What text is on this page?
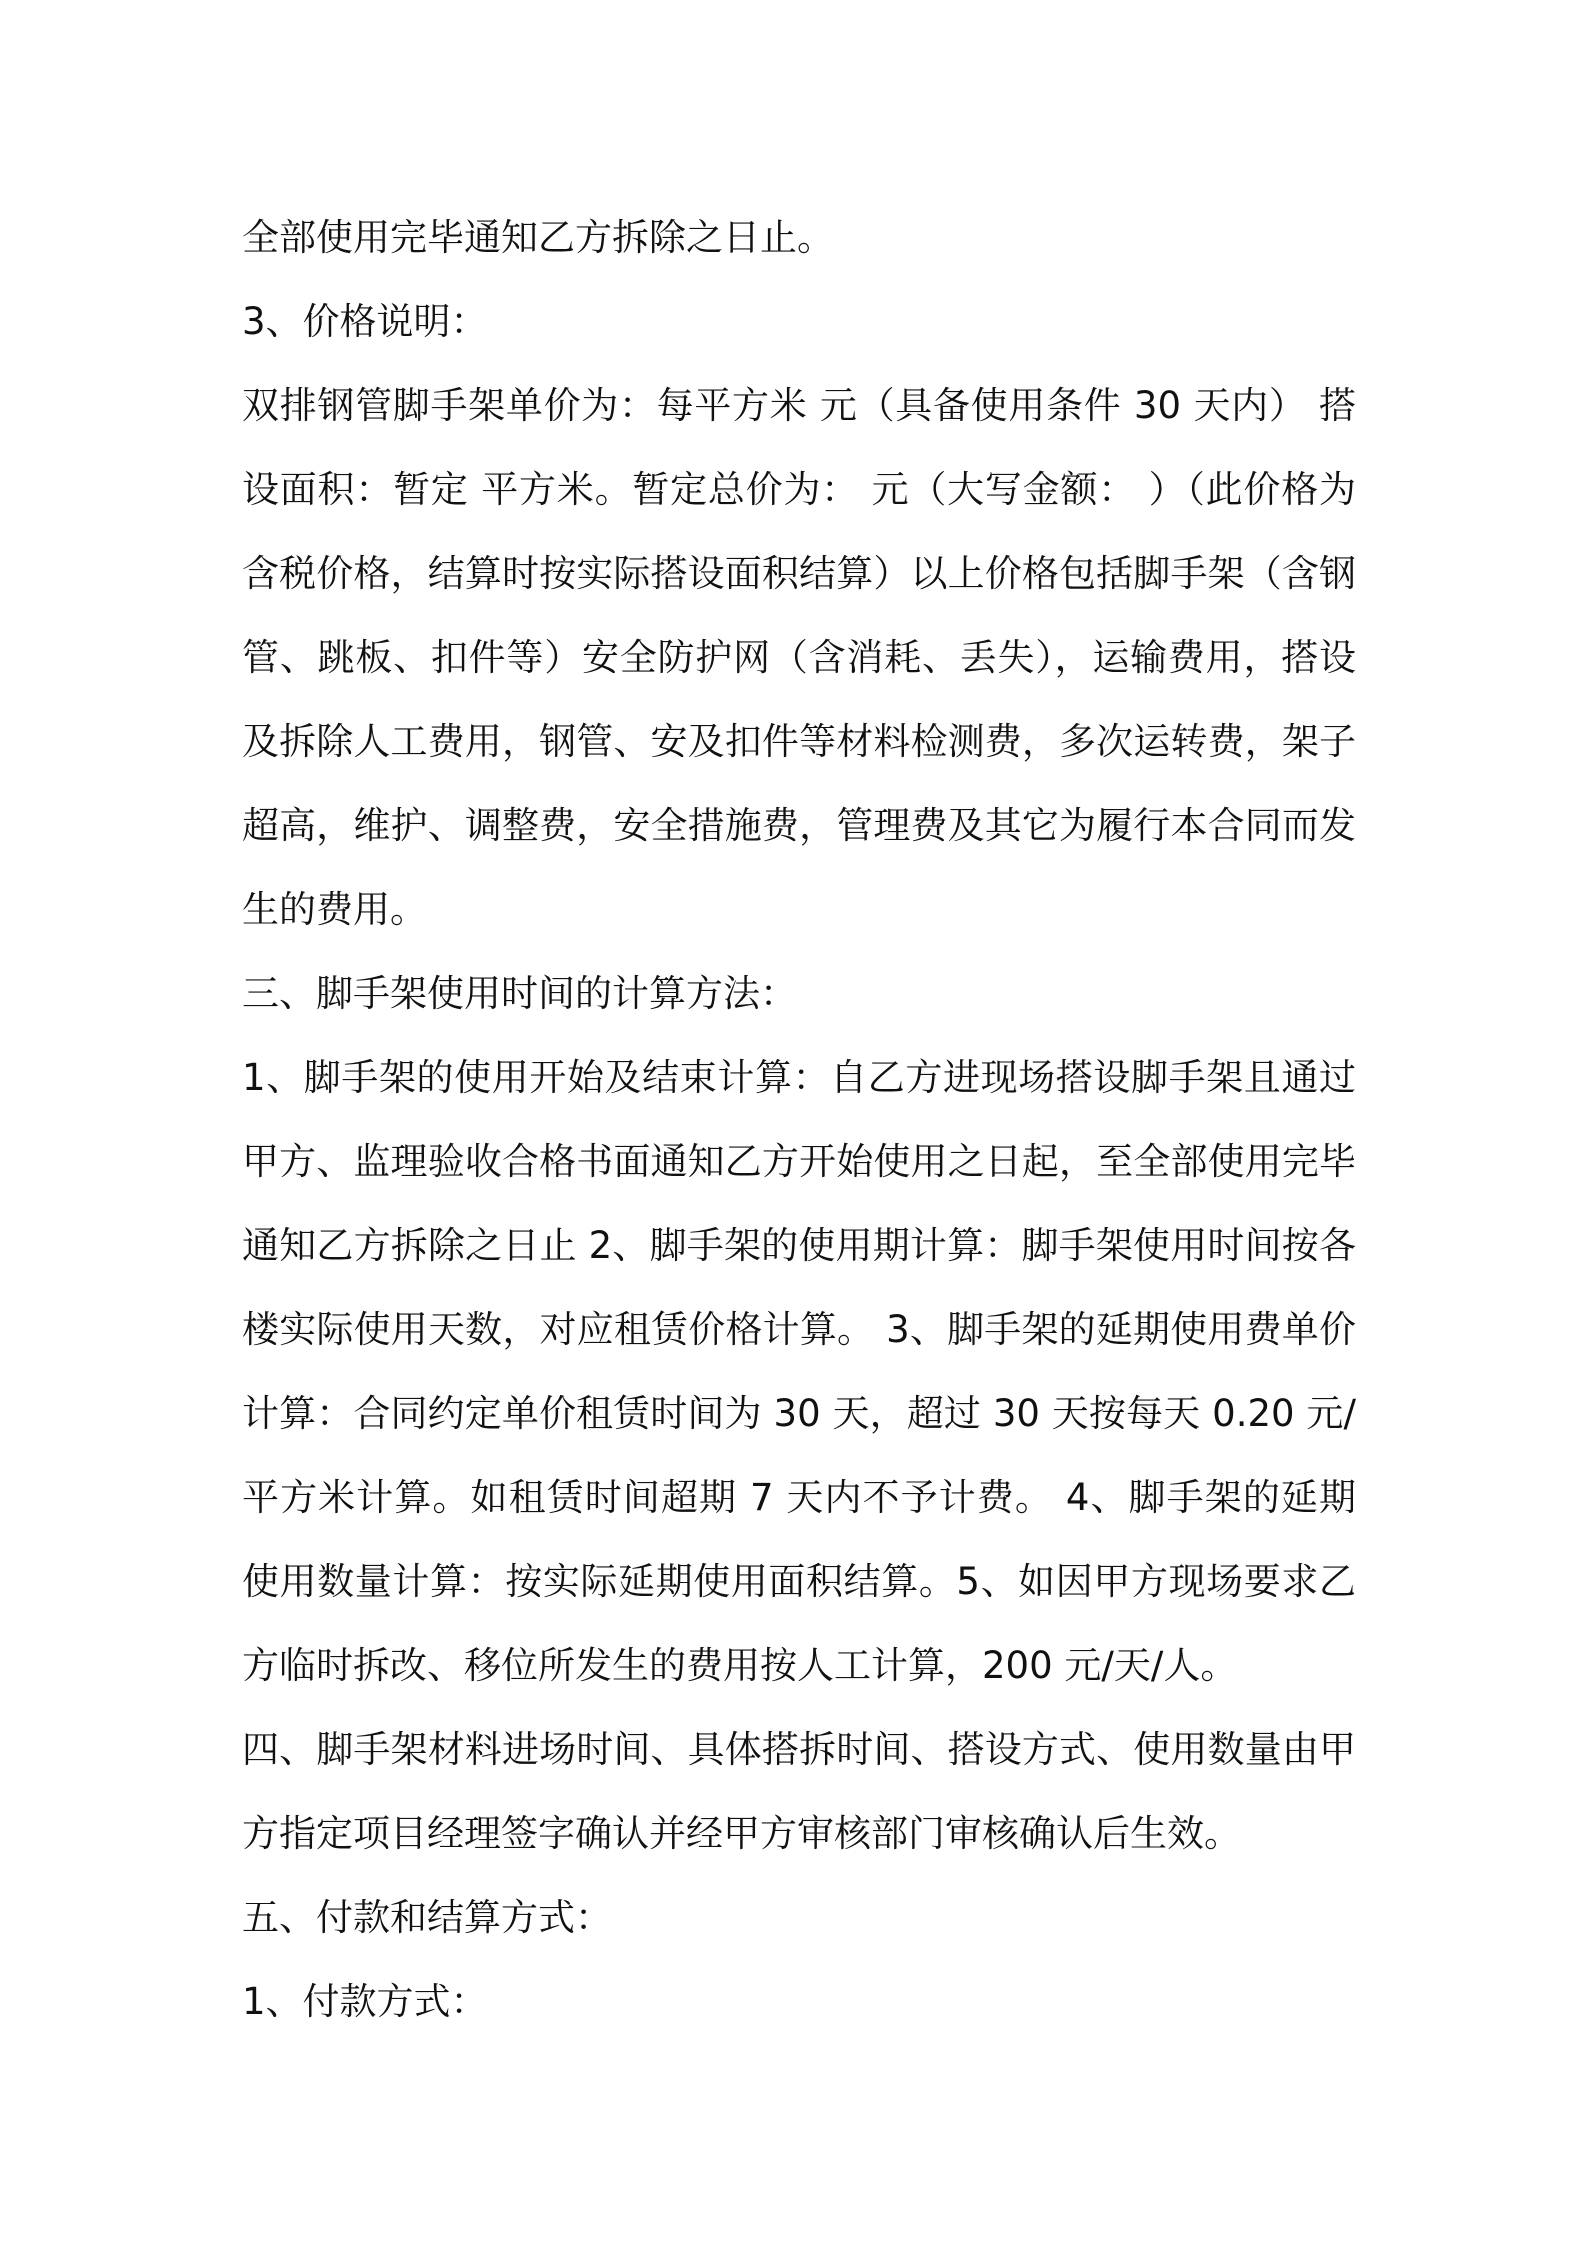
全部使用完毕通知乙方拆除之日止。
3、价格说明：
双排钢管脚手架单价为：每平方米 元（具备使用条件 30 天内） 搭
设面积：暂定 平方米。暂定总价为： 元（大写金额： ）（此价格为
含税价格，结算时按实际搭设面积结算）以上价格包括脚手架（含钢
管、跳板、扣件等）安全防护网（含消耗、丢失），运输费用，搭设
及拆除人工费用，钢管、安及扣件等材料检测费，多次运转费，架子
超高，维护、调整费，安全措施费，管理费及其它为履行本合同而发
生的费用。
三、脚手架使用时间的计算方法：
1、脚手架的使用开始及结束计算：自乙方进现场搭设脚手架且通过
甲方、监理验收合格书面通知乙方开始使用之日起，至全部使用完毕
通知乙方拆除之日止 2、脚手架的使用期计算：脚手架使用时间按各
楼实际使用天数，对应租赁价格计算。 3、脚手架的延期使用费单价
计算：合同约定单价租赁时间为 30 天，超过 30 天按每天 0.20 元/
平方米计算。如租赁时间超期 7 天内不予计费。 4、脚手架的延期
使用数量计算：按实际延期使用面积结算。5、如因甲方现场要求乙
方临时拆改、移位所发生的费用按人工计算，200 元/天/人。
四、脚手架材料进场时间、具体搭拆时间、搭设方式、使用数量由甲
方指定项目经理签字确认并经甲方审核部门审核确认后生效。
五、付款和结算方式：
1、付款方式：
